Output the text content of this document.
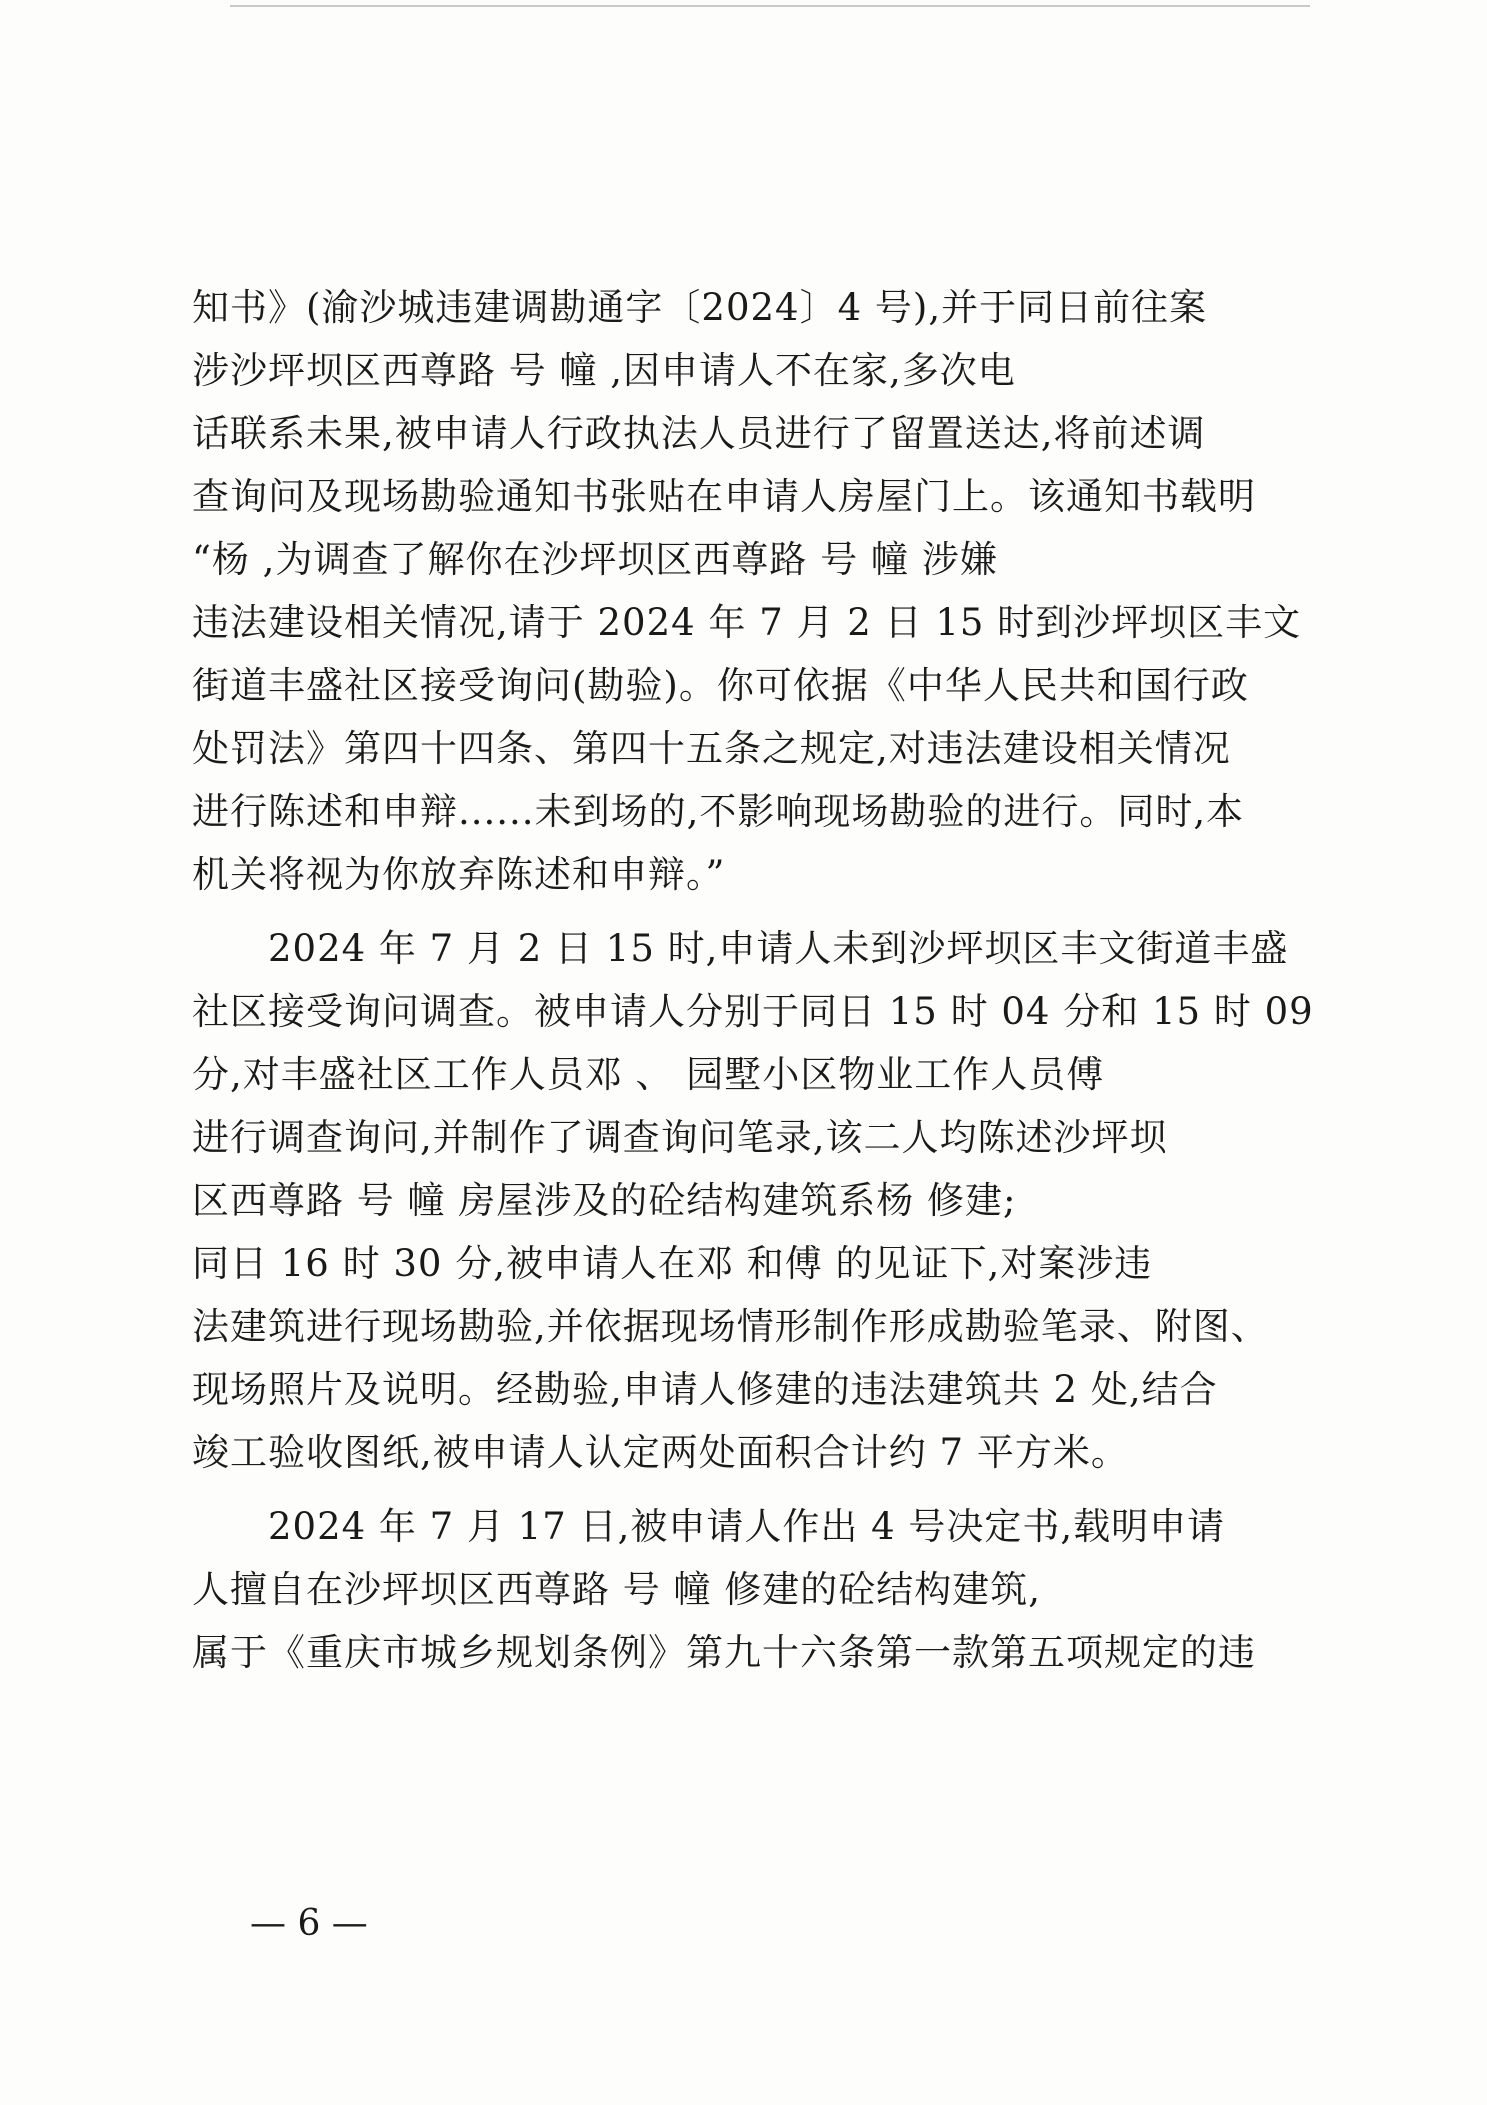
知书》(渝沙城违建调勘通字〔2024〕4 号),并于同日前往案
涉沙坪坝区西尊路 号 幢 ,因申请人不在家,多次电
话联系未果,被申请人行政执法人员进行了留置送达,将前述调
查询问及现场勘验通知书张贴在申请人房屋门上。该通知书载明
“杨 ,为调查了解你在沙坪坝区西尊路 号 幢 涉嫌
违法建设相关情况,请于 2024 年 7 月 2 日 15 时到沙坪坝区丰文
街道丰盛社区接受询问(勘验)。你可依据《中华人民共和国行政
处罚法》第四十四条、第四十五条之规定,对违法建设相关情况
进行陈述和申辩......未到场的,不影响现场勘验的进行。同时,本
机关将视为你放弃陈述和申辩。”
2024 年 7 月 2 日 15 时,申请人未到沙坪坝区丰文街道丰盛
社区接受询问调查。被申请人分别于同日 15 时 04 分和 15 时 09
分,对丰盛社区工作人员邓 、 园墅小区物业工作人员傅
进行调查询问,并制作了调查询问笔录,该二人均陈述沙坪坝
区西尊路 号 幢 房屋涉及的砼结构建筑系杨 修建;
同日 16 时 30 分,被申请人在邓 和傅 的见证下,对案涉违
法建筑进行现场勘验,并依据现场情形制作形成勘验笔录、附图、
现场照片及说明。经勘验,申请人修建的违法建筑共 2 处,结合
竣工验收图纸,被申请人认定两处面积合计约 7 平方米。
2024 年 7 月 17 日,被申请人作出 4 号决定书,载明申请
人擅自在沙坪坝区西尊路 号 幢 修建的砼结构建筑,
属于《重庆市城乡规划条例》第九十六条第一款第五项规定的违
— 6 —
